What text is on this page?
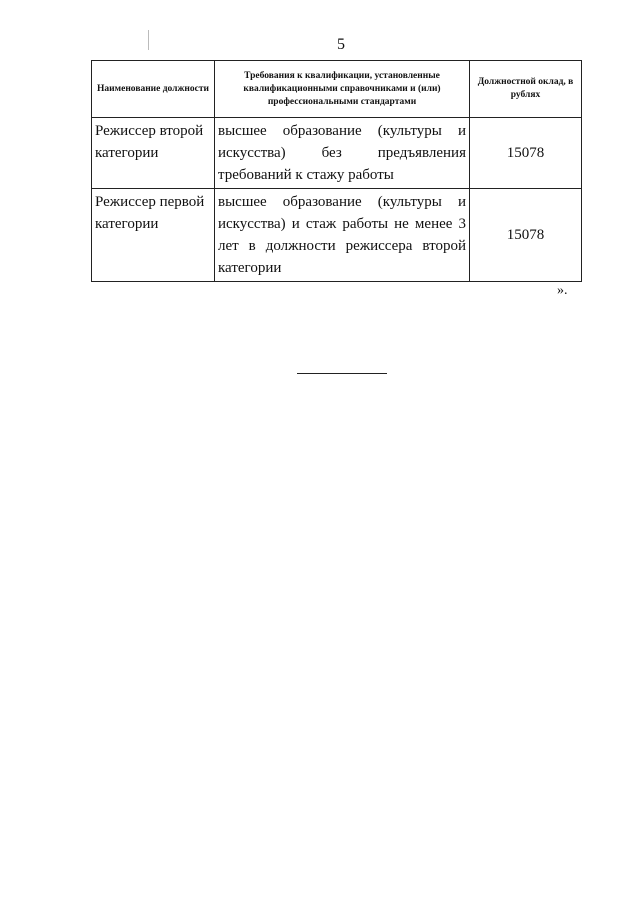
5
Наименование должности	Требования к квалификации, установленные квалификационными справочниками и (или) профессиональными стандартами	Должностной оклад, в рублях
Режиссер второй категории	высшее образование (культуры и искусства) без предъявления требований к стажу работы	15078
Режиссер первой категории	высшее образование (культуры и искусства) и стаж работы не менее 3 лет в должности режиссера второй категории	15078
».
